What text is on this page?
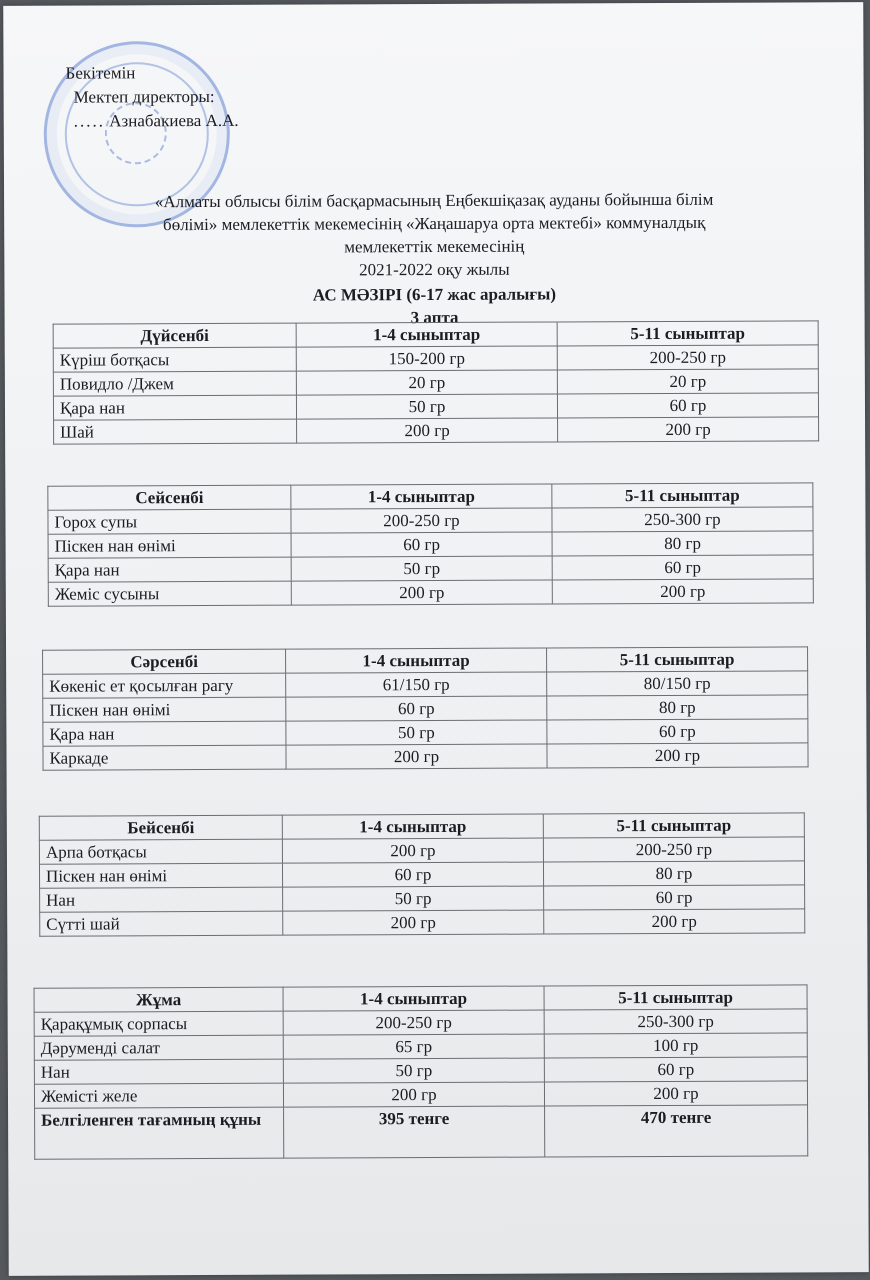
Бекітемін
Мектеп директоры:
..... Азнабакиева А.А.
«Алматы облысы білім басқармасының Еңбекшіқазақ ауданы бойынша білім
бөлімі» мемлекеттік мекемесінің «Жаңашаруа орта мектебі» коммуналдық
мемлекеттік мекемесінің
2021-2022 оқу жылы
АС МӘЗІРІ (6-17 жас аралығы)
3 апта
Дүйсенбі	1-4 сыныптар	5-11 сыныптар
Күріш ботқасы	150-200 гр	200-250 гр
Повидло /Джем	20 гр	20 гр
Қара нан	50 гр	60 гр
Шай	200 гр	200 гр
Сейсенбі	1-4 сыныптар	5-11 сыныптар
Горох супы	200-250 гр	250-300 гр
Піскен нан өнімі	60 гр	80 гр
Қара нан	50 гр	60 гр
Жеміс сусыны	200 гр	200 гр
Сәрсенбі	1-4 сыныптар	5-11 сыныптар
Көкеніс ет қосылған рагу	61/150 гр	80/150 гр
Піскен нан өнімі	60 гр	80 гр
Қара нан	50 гр	60 гр
Каркаде	200 гр	200 гр
Бейсенбі	1-4 сыныптар	5-11 сыныптар
Арпа ботқасы	200 гр	200-250 гр
Піскен нан өнімі	60 гр	80 гр
Нан	50 гр	60 гр
Сүтті шай	200 гр	200 гр
Жұма	1-4 сыныптар	5-11 сыныптар
Қарақұмық сорпасы	200-250 гр	250-300 гр
Дәруменді салат	65 гр	100 гр
Нан	50 гр	60 гр
Жемісті желе	200 гр	200 гр
Белгіленген тағамның құны	395 тенге	470 тенге
